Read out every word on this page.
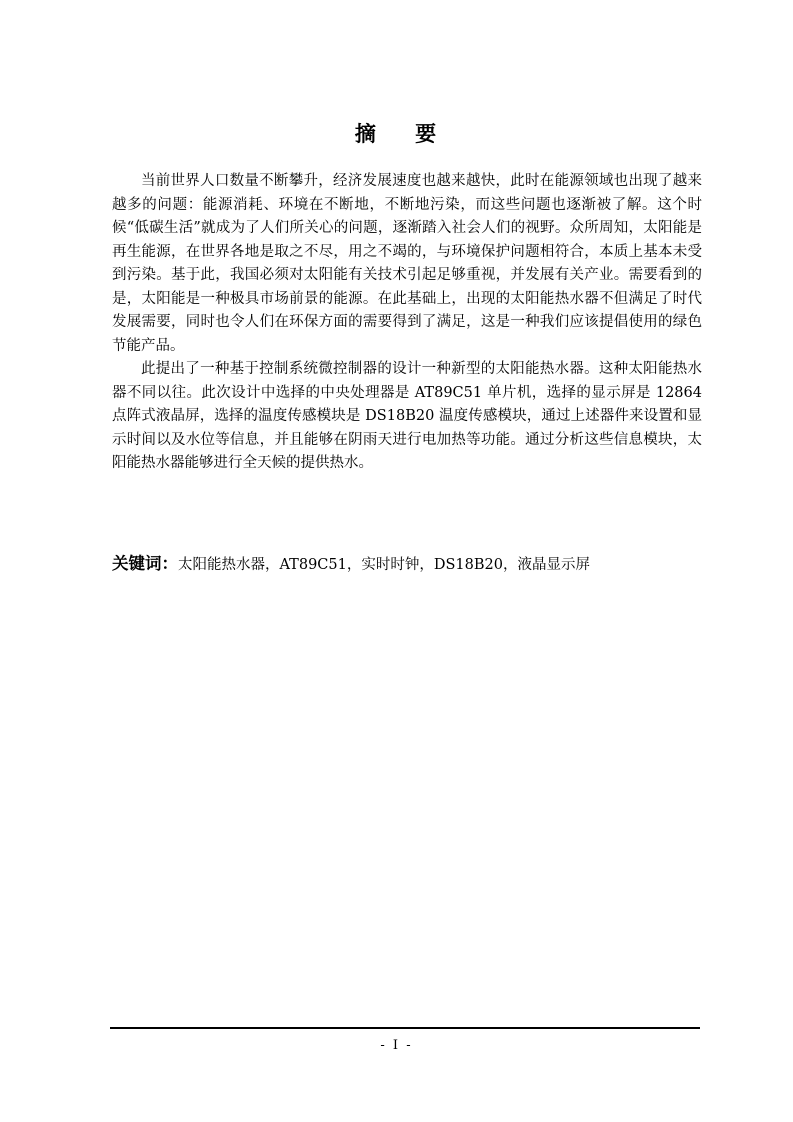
摘    要

当前世界人口数量不断攀升，经济发展速度也越来越快，此时在能源领域也出现了越来越多的问题：能源消耗、环境在不断地，不断地污染，而这些问题也逐渐被了解。这个时候“低碳生活”就成为了人们所关心的问题，逐渐踏入社会人们的视野。众所周知，太阳能是再生能源，在世界各地是取之不尽，用之不竭的，与环境保护问题相符合，本质上基本未受到污染。基于此，我国必须对太阳能有关技术引起足够重视，并发展有关产业。需要看到的是，太阳能是一种极具市场前景的能源。在此基础上，出现的太阳能热水器不但满足了时代发展需要，同时也令人们在环保方面的需要得到了满足，这是一种我们应该提倡使用的绿色节能产品。

此提出了一种基于控制系统微控制器的设计一种新型的太阳能热水器。这种太阳能热水器不同以往。此次设计中选择的中央处理器是 AT89C51 单片机，选择的显示屏是 12864 点阵式液晶屏，选择的温度传感模块是 DS18B20 温度传感模块，通过上述器件来设置和显示时间以及水位等信息，并且能够在阴雨天进行电加热等功能。通过分析这些信息模块，太阳能热水器能够进行全天候的提供热水。

关键词：太阳能热水器，AT89C51，实时时钟，DS18B20，液晶显示屏
- I -
